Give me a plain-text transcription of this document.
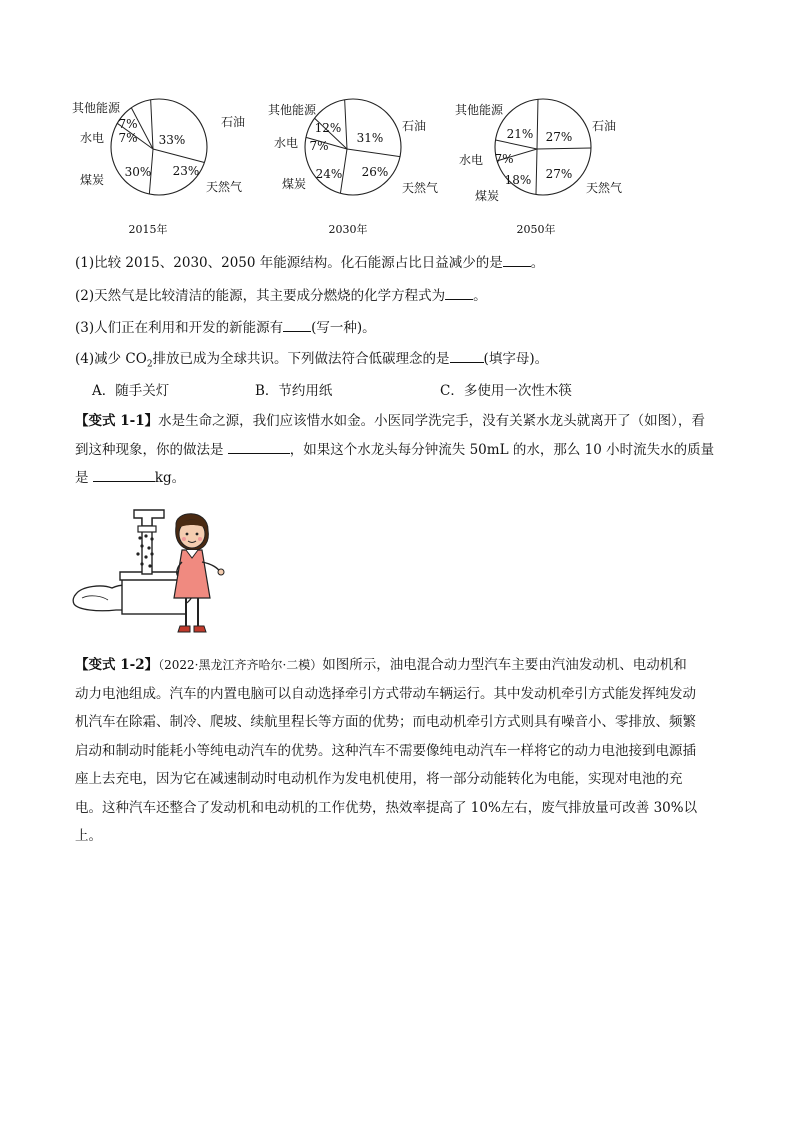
33%
23%
30%
7%
7%	石油
天然气
煤炭
水电
其他能源
2015年
31%
26%
24%
7%
12%	石油
天然气
煤炭
水电
其他能源
2030年
27%
27%
18%
7%
21%
石油
天然气
煤炭
水电
其他能源
2050年
(1)比较 2015、2030、2050 年能源结构。化石能源占比日益减少的是 。
(2)天然气是比较清洁的能源，其主要成分燃烧的化学方程式为 。
(3)人们正在利用和开发的新能源有 (写一种)。
(4)减少 $CO_2$排放已成为全球共识。下列做法符合低碳理念的是	(填字母)。
A．随手关灯	B．节约用纸	C．多使用一次性木筷

【变式 1-1】水是生命之源，我们应该惜水如金。小医同学洗完手，没有关紧水龙头就离开了（如图），看

到这种现象，你的做法是	，如果这个水龙头每分钟流失 50mL 的水，那么 10 小时流失水的质量

是	kg。

【变式 1-2】（2022·黑龙江齐齐哈尔·二模）如图所示，油电混合动力型汽车主要由汽油发动机、电动机和

动力电池组成。汽车的内置电脑可以自动选择牵引方式带动车辆运行。其中发动机牵引方式能发挥纯发动

机汽车在除霜、制冷、爬坡、续航里程长等方面的优势；而电动机牵引方式则具有噪音小、零排放、频繁

启动和制动时能耗小等纯电动汽车的优势。这种汽车不需要像纯电动汽车一样将它的动力电池接到电源插

座上去充电，因为它在减速制动时电动机作为发电机使用，将一部分动能转化为电能，实现对电池的充

电。这种汽车还整合了发动机和电动机的工作优势，热效率提高了 10%左右，废气排放量可改善 30%以

上。
